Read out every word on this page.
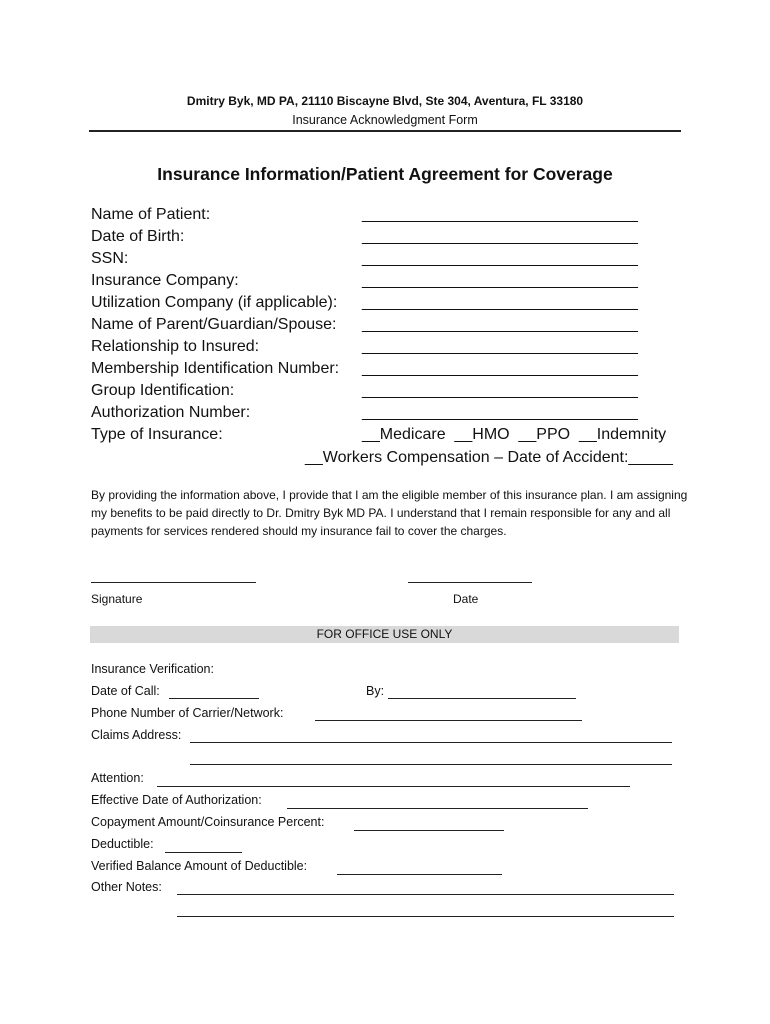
Dmitry Byk, MD PA, 21110 Biscayne Blvd, Ste 304, Aventura, FL 33180
Insurance Acknowledgment Form
Insurance Information/Patient Agreement for Coverage
Name of Patient:	_______________________________
Date of Birth:	_______________________________
SSN:	_______________________________
Insurance Company:	_______________________________
Utilization Company (if applicable): _______________________________
Name of Parent/Guardian/Spouse: _______________________________
Relationship to Insured:	_______________________________
Membership Identification Number: _______________________________
Group Identification:	_______________________________
Authorization Number:	_______________________________
Type of Insurance:	__Medicare  __HMO  __PPO  __Indemnity
__Workers Compensation – Date of Accident:_____
By providing the information above, I provide that I am the eligible member of this insurance plan. I am assigning my benefits to be paid directly to Dr. Dmitry Byk MD PA. I understand that I remain responsible for any and all payments for services rendered should my insurance fail to cover the charges.
Signature	Date
FOR OFFICE USE ONLY
Insurance Verification:
Date of Call:	By:
Phone Number of Carrier/Network:
Claims Address:
Attention:
Effective Date of Authorization:
Copayment Amount/Coinsurance Percent:
Deductible:
Verified Balance Amount of Deductible:
Other Notes:
